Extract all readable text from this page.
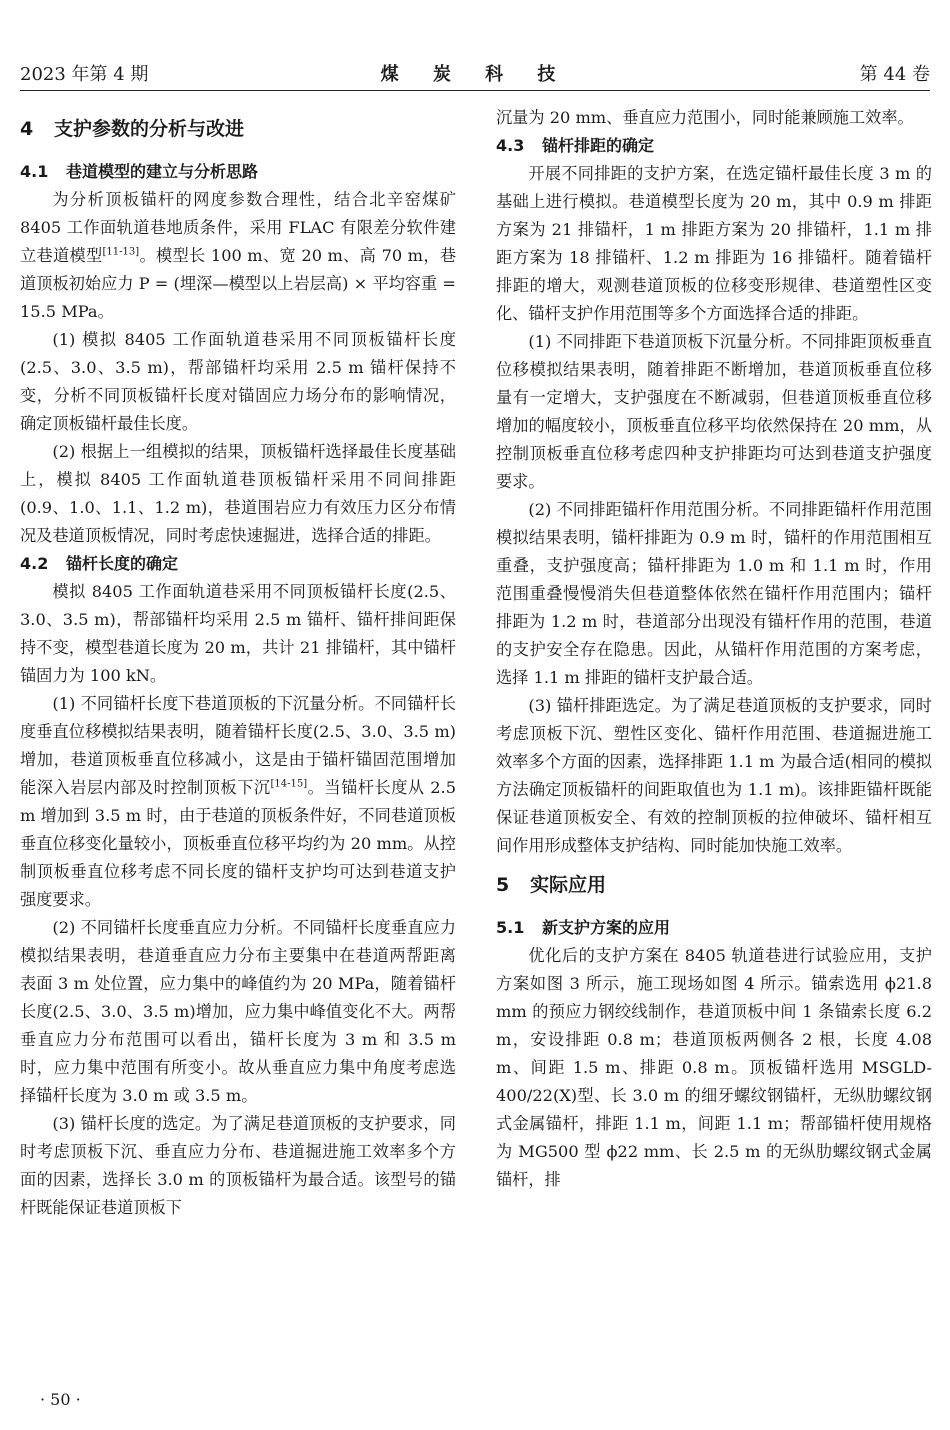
2023 年第 4 期	煤 炭 科 技	第 44 卷
4 支护参数的分析与改进
4.1 巷道模型的建立与分析思路

为分析顶板锚杆的网度参数合理性，结合北辛窑煤矿 8405 工作面轨道巷地质条件，采用 FLAC 有限差分软件建立巷道模型[11-13]。模型长 100 m、宽 20 m、高 70 m，巷道顶板初始应力 P = (埋深—模型以上岩层高) × 平均容重 = 15.5 MPa。

(1) 模拟 8405 工作面轨道巷采用不同顶板锚杆长度(2.5、3.0、3.5 m)，帮部锚杆均采用 2.5 m 锚杆保持不变，分析不同顶板锚杆长度对锚固应力场分布的影响情况，确定顶板锚杆最佳长度。

(2) 根据上一组模拟的结果，顶板锚杆选择最佳长度基础上，模拟 8405 工作面轨道巷顶板锚杆采用不同间排距(0.9、1.0、1.1、1.2 m)，巷道围岩应力有效压力区分布情况及巷道顶板情况，同时考虑快速掘进，选择合适的排距。

4.2 锚杆长度的确定

模拟 8405 工作面轨道巷采用不同顶板锚杆长度(2.5、3.0、3.5 m)，帮部锚杆均采用 2.5 m 锚杆、锚杆排间距保持不变，模型巷道长度为 20 m，共计 21 排锚杆，其中锚杆锚固力为 100 kN。

(1) 不同锚杆长度下巷道顶板的下沉量分析。不同锚杆长度垂直位移模拟结果表明，随着锚杆长度(2.5、3.0、3.5 m)增加，巷道顶板垂直位移减小，这是由于锚杆锚固范围增加能深入岩层内部及时控制顶板下沉[14-15]。当锚杆长度从 2.5 m 增加到 3.5 m 时，由于巷道的顶板条件好，不同巷道顶板垂直位移变化量较小，顶板垂直位移平均约为 20 mm。从控制顶板垂直位移考虑不同长度的锚杆支护均可达到巷道支护强度要求。

(2) 不同锚杆长度垂直应力分析。不同锚杆长度垂直应力模拟结果表明，巷道垂直应力分布主要集中在巷道两帮距离表面 3 m 处位置，应力集中的峰值约为 20 MPa，随着锚杆长度(2.5、3.0、3.5 m)增加，应力集中峰值变化不大。两帮垂直应力分布范围可以看出，锚杆长度为 3 m 和 3.5 m 时，应力集中范围有所变小。故从垂直应力集中角度考虑选择锚杆长度为 3.0 m 或 3.5 m。

(3) 锚杆长度的选定。为了满足巷道顶板的支护要求，同时考虑顶板下沉、垂直应力分布、巷道掘进施工效率多个方面的因素，选择长 3.0 m 的顶板锚杆为最合适。该型号的锚杆既能保证巷道顶板下

沉量为 20 mm、垂直应力范围小，同时能兼顾施工效率。

4.3 锚杆排距的确定

开展不同排距的支护方案，在选定锚杆最佳长度 3 m 的基础上进行模拟。巷道模型长度为 20 m，其中 0.9 m 排距方案为 21 排锚杆，1 m 排距方案为 20 排锚杆，1.1 m 排距方案为 18 排锚杆、1.2 m 排距为 16 排锚杆。随着锚杆排距的增大，观测巷道顶板的位移变形规律、巷道塑性区变化、锚杆支护作用范围等多个方面选择合适的排距。

(1) 不同排距下巷道顶板下沉量分析。不同排距顶板垂直位移模拟结果表明，随着排距不断增加，巷道顶板垂直位移量有一定增大，支护强度在不断减弱，但巷道顶板垂直位移增加的幅度较小，顶板垂直位移平均依然保持在 20 mm，从控制顶板垂直位移考虑四种支护排距均可达到巷道支护强度要求。

(2) 不同排距锚杆作用范围分析。不同排距锚杆作用范围模拟结果表明，锚杆排距为 0.9 m 时，锚杆的作用范围相互重叠，支护强度高；锚杆排距为 1.0 m 和 1.1 m 时，作用范围重叠慢慢消失但巷道整体依然在锚杆作用范围内；锚杆排距为 1.2 m 时，巷道部分出现没有锚杆作用的范围，巷道的支护安全存在隐患。因此，从锚杆作用范围的方案考虑，选择 1.1 m 排距的锚杆支护最合适。

(3) 锚杆排距选定。为了满足巷道顶板的支护要求，同时考虑顶板下沉、塑性区变化、锚杆作用范围、巷道掘进施工效率多个方面的因素，选择排距 1.1 m 为最合适(相同的模拟方法确定顶板锚杆的间距取值也为 1.1 m)。该排距锚杆既能保证巷道顶板安全、有效的控制顶板的拉伸破坏、锚杆相互间作用形成整体支护结构、同时能加快施工效率。

5 实际应用
5.1 新支护方案的应用

优化后的支护方案在 8405 轨道巷进行试验应用，支护方案如图 3 所示，施工现场如图 4 所示。锚索选用 ϕ21.8 mm 的预应力钢绞线制作，巷道顶板中间 1 条锚索长度 6.2 m，安设排距 0.8 m；巷道顶板两侧各 2 根，长度 4.08 m、间距 1.5 m、排距 0.8 m。顶板锚杆选用 MSGLD-400/22(X)型、长 3.0 m 的细牙螺纹钢锚杆，无纵肋螺纹钢式金属锚杆，排距 1.1 m，间距 1.1 m；帮部锚杆使用规格为 MG500 型 ϕ22 mm、长 2.5 m 的无纵肋螺纹钢式金属锚杆，排

· 50 ·
